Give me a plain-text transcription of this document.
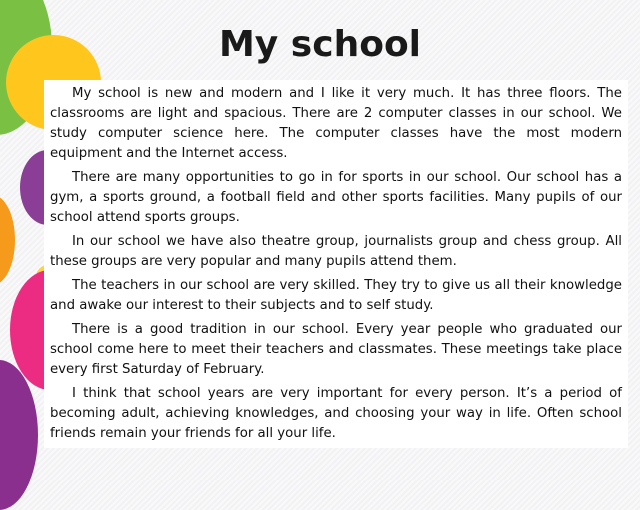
My school

My school is new and modern and I like it very much. It has three floors. The classrooms are light and spacious. There are 2 computer classes in our school. We study computer science here. The computer classes have the most modern equipment and the Internet access.

There are many opportunities to go in for sports in our school. Our school has a gym, a sports ground, a football field and other sports facilities. Many pupils of our school attend sports groups.

In our school we have also theatre group, journalists group and chess group. All these groups are very popular and many pupils attend them.

The teachers in our school are very skilled. They try to give us all their knowledge and awake our interest to their subjects and to self study.

There is a good tradition in our school. Every year people who graduated our school come here to meet their teachers and classmates. These meetings take place every first Saturday of February.

I think that school years are very important for every person. It’s a period of becoming adult, achieving knowledges, and choosing your way in life. Often school friends remain your friends for all your life.
